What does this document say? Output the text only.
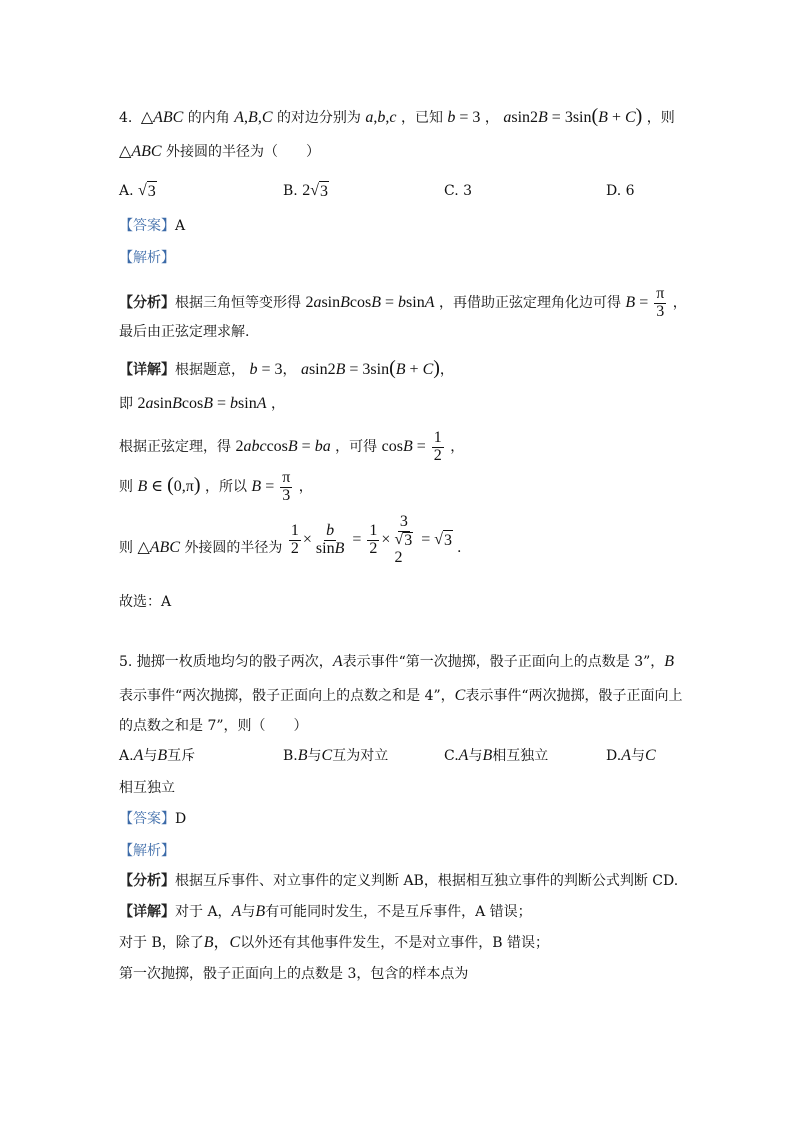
4.  △ABC 的内角 A,B,C 的对边分别为 a,b,c ，已知 b = 3 ， asin2B = 3sin(B + C) ，则
△ABC 外接圆的半径为（　　）
A. √ 3	B. 2 √ 3	C. 3	D. 6
【答案】A
【解析】
【分析】根据三角恒等变形得 2asinBcosB = bsinA ，再借助正弦定理角化边可得 $B = \frac{\pi}{3}$ ，
最后由正弦定理求解.
【详解】根据题意， b = 3， asin2B = 3sin(B + C)，
即 2asinBcosB = bsinA ，
根据正弦定理，得 2abccosB = ba ，可得 $\cos B = \frac{1}{2}$ ，
则 B ∈ (0,π) ，所以 $B = \frac{\pi}{3}$ ，
则 △ABC 外接圆的半径为 $\frac{1}{2} \times \frac{b}{\sin B} = \frac{1}{2}$ ×
3
√ 3

2
= √ 3 .
故选：A
5. 抛掷一枚质地均匀的骰子两次，A表示事件“第一次抛掷，骰子正面向上的点数是 3”，B
表示事件“两次抛掷，骰子正面向上的点数之和是 4”，C表示事件“两次抛掷，骰子正面向上
的点数之和是 7”，则（　　）
A.A与B互斥	B.B与C互为对立	C.A与B相互独立	D.A与C
相互独立
【答案】D
【解析】
【分析】根据互斥事件、对立事件的定义判断 AB，根据相互独立事件的判断公式判断 CD.
【详解】对于 A，A与B有可能同时发生，不是互斥事件，A 错误；
对于 B，除了B，C以外还有其他事件发生，不是对立事件，B 错误；
第一次抛掷，骰子正面向上的点数是 3，包含的样本点为
